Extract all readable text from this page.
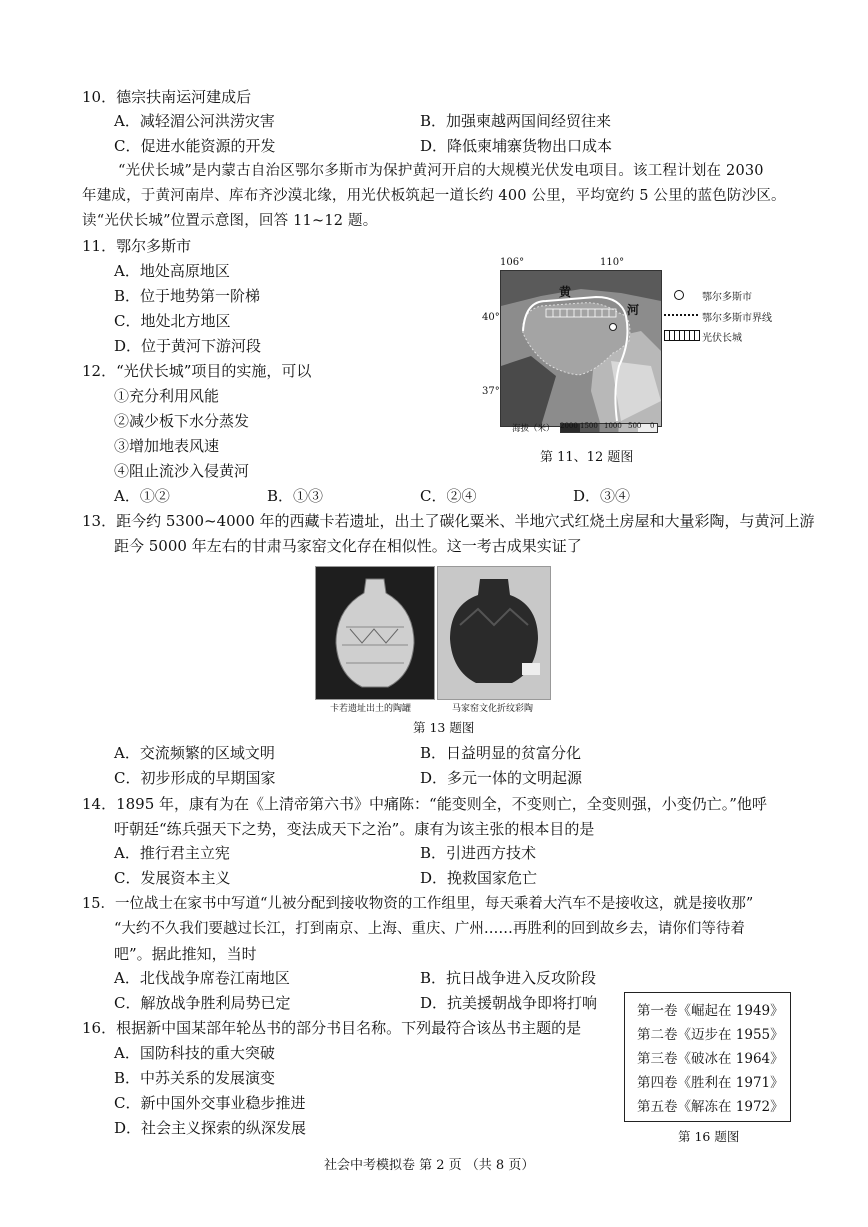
10．德宗扶南运河建成后
A．减轻湄公河洪涝灾害	B．加强柬越两国间经贸往来
C．促进水能资源的开发	D．降低柬埔寨货物出口成本
“光伏长城”是内蒙古自治区鄂尔多斯市为保护黄河开启的大规模光伏发电项目。该工程计划在 2030
年建成，于黄河南岸、库布齐沙漠北缘，用光伏板筑起一道长约 400 公里，平均宽约 5 公里的蓝色防沙区。
读“光伏长城”位置示意图，回答 11~12 题。
11．鄂尔多斯市
A．地处高原地区
B．位于地势第一阶梯
C．地处北方地区
D．位于黄河下游河段
12．“光伏长城”项目的实施，可以
①充分利用风能
②减少板下水分蒸发
③增加地表风速
④阻止流沙入侵黄河
A．①②	B．①③	C．②④	D．③④
106°	110°
40°
37°
黄
河
海拔（米） 2000 1500 1000 500 0
鄂尔多斯市
鄂尔多斯市界线
光伏长城
第 11、12 题图
13．距今约 5300~4000 年的西藏卡若遗址，出土了碳化粟米、半地穴式红烧土房屋和大量彩陶，与黄河上游
距今 5000 年左右的甘肃马家窑文化存在相似性。这一考古成果实证了
卡若遗址出土的陶罐	马家窑文化折纹彩陶
第 13 题图
A．交流频繁的区域文明	B．日益明显的贫富分化
C．初步形成的早期国家	D．多元一体的文明起源
14．1895 年，康有为在《上清帝第六书》中痛陈：“能变则全，不变则亡，全变则强，小变仍亡。”他呼
吁朝廷“练兵强天下之势，变法成天下之治”。康有为该主张的根本目的是
A．推行君主立宪	B．引进西方技术
C．发展资本主义	D．挽救国家危亡
15．一位战士在家书中写道“儿被分配到接收物资的工作组里，每天乘着大汽车不是接收这，就是接收那”
“大约不久我们要越过长江，打到南京、上海、重庆、广州……再胜利的回到故乡去，请你们等待着
吧”。据此推知，当时
A．北伐战争席卷江南地区	B．抗日战争进入反攻阶段
C．解放战争胜利局势已定	D．抗美援朝战争即将打响
16．根据新中国某部年轮丛书的部分书目名称。下列最符合该丛书主题的是
A．国防科技的重大突破
B．中苏关系的发展演变
C．新中国外交事业稳步推进
D．社会主义探索的纵深发展
第一卷《崛起在 1949》
第二卷《迈步在 1955》
第三卷《破冰在 1964》
第四卷《胜利在 1971》
第五卷《解冻在 1972》
第 16 题图
社会中考模拟卷 第 2 页 （共 8 页）
